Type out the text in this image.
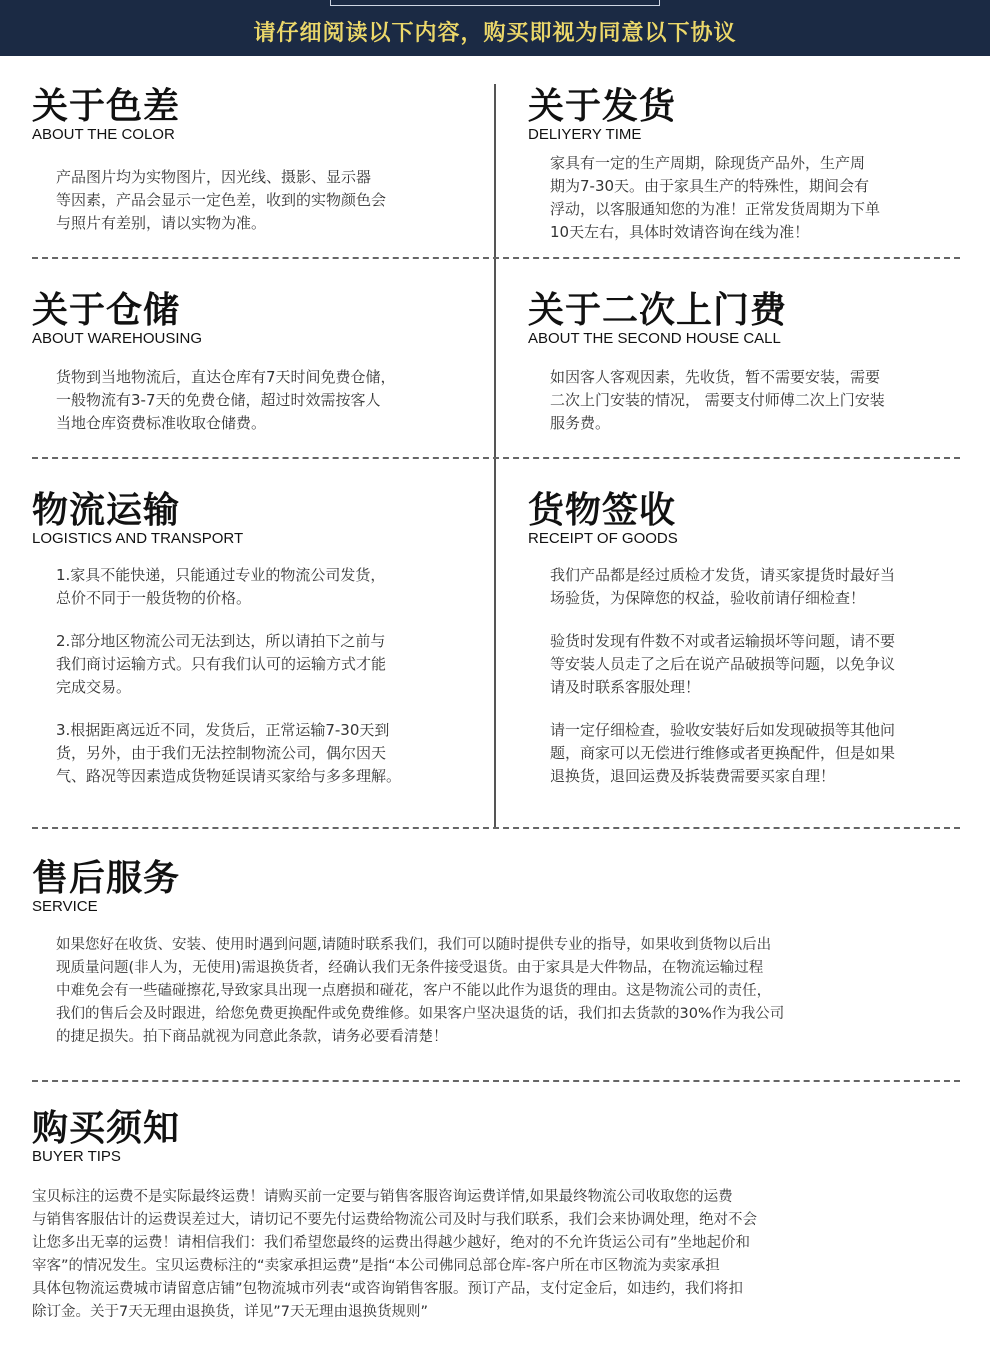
请仔细阅读以下内容，购买即视为同意以下协议
关于色差
ABOUT THE COLOR

产品图片均为实物图片，因光线、摄影、显示器

等因素，产品会显示一定色差，收到的实物颜色会

与照片有差别，请以实物为准。

关于发货
DELIYERY TIME

家具有一定的生产周期，除现货产品外，生产周

期为7-30天。由于家具生产的特殊性，期间会有

浮动，以客服通知您的为准！正常发货周期为下单

10天左右，具体时效请咨询在线为准！

关于仓储
ABOUT WAREHOUSING

货物到当地物流后，直达仓库有7天时间免费仓储，

一般物流有3-7天的免费仓储，超过时效需按客人

当地仓库资费标准收取仓储费。

关于二次上门费
ABOUT THE SECOND HOUSE CALL

如因客人客观因素，先收货，暂不需要安装，需要

二次上门安装的情况， 需要支付师傅二次上门安装

服务费。

物流运输
LOGISTICS AND TRANSPORT

1.家具不能快递，只能通过专业的物流公司发货，

总价不同于一般货物的价格。

2.部分地区物流公司无法到达，所以请拍下之前与

我们商讨运输方式。只有我们认可的运输方式才能

完成交易。

3.根据距离远近不同，发货后，正常运输7-30天到

货，另外，由于我们无法控制物流公司，偶尔因天

气、路况等因素造成货物延误请买家给与多多理解。

货物签收
RECEIPT OF GOODS

我们产品都是经过质检才发货，请买家提货时最好当

场验货，为保障您的权益，验收前请仔细检查！

验货时发现有件数不对或者运输损坏等问题，请不要

等安装人员走了之后在说产品破损等问题，以免争议

请及时联系客服处理！

请一定仔细检查，验收安装好后如发现破损等其他问

题，商家可以无偿进行维修或者更换配件，但是如果

退换货，退回运费及拆装费需要买家自理！

售后服务
SERVICE

如果您好在收货、安装、使用时遇到问题,请随时联系我们，我们可以随时提供专业的指导，如果收到货物以后出

现质量问题(非人为，无使用)需退换货者，经确认我们无条件接受退货。由于家具是大件物品，在物流运输过程

中难免会有一些磕碰擦花,导致家具出现一点磨损和碰花，客户不能以此作为退货的理由。这是物流公司的责任，

我们的售后会及时跟进，给您免费更换配件或免费维修。如果客户坚决退货的话，我们扣去货款的30%作为我公司

的捷足损失。拍下商品就视为同意此条款，请务必要看清楚！

购买须知
BUYER TIPS

宝贝标注的运费不是实际最终运费！请购买前一定要与销售客服咨询运费详情,如果最终物流公司收取您的运费

与销售客服估计的运费误差过大，请切记不要先付运费给物流公司及时与我们联系，我们会来协调处理，绝对不会

让您多出无辜的运费！请相信我们：我们希望您最终的运费出得越少越好，绝对的不允许货运公司有”坐地起价和

宰客”的情况发生。宝贝运费标注的“卖家承担运费”是指“本公司佛同总部仓库-客户所在市区物流为卖家承担

具体包物流运费城市请留意店铺”包物流城市列表“或咨询销售客服。预订产品，支付定金后，如违约，我们将扣

除订金。关于7天无理由退换货，详见”7天无理由退换货规则”
